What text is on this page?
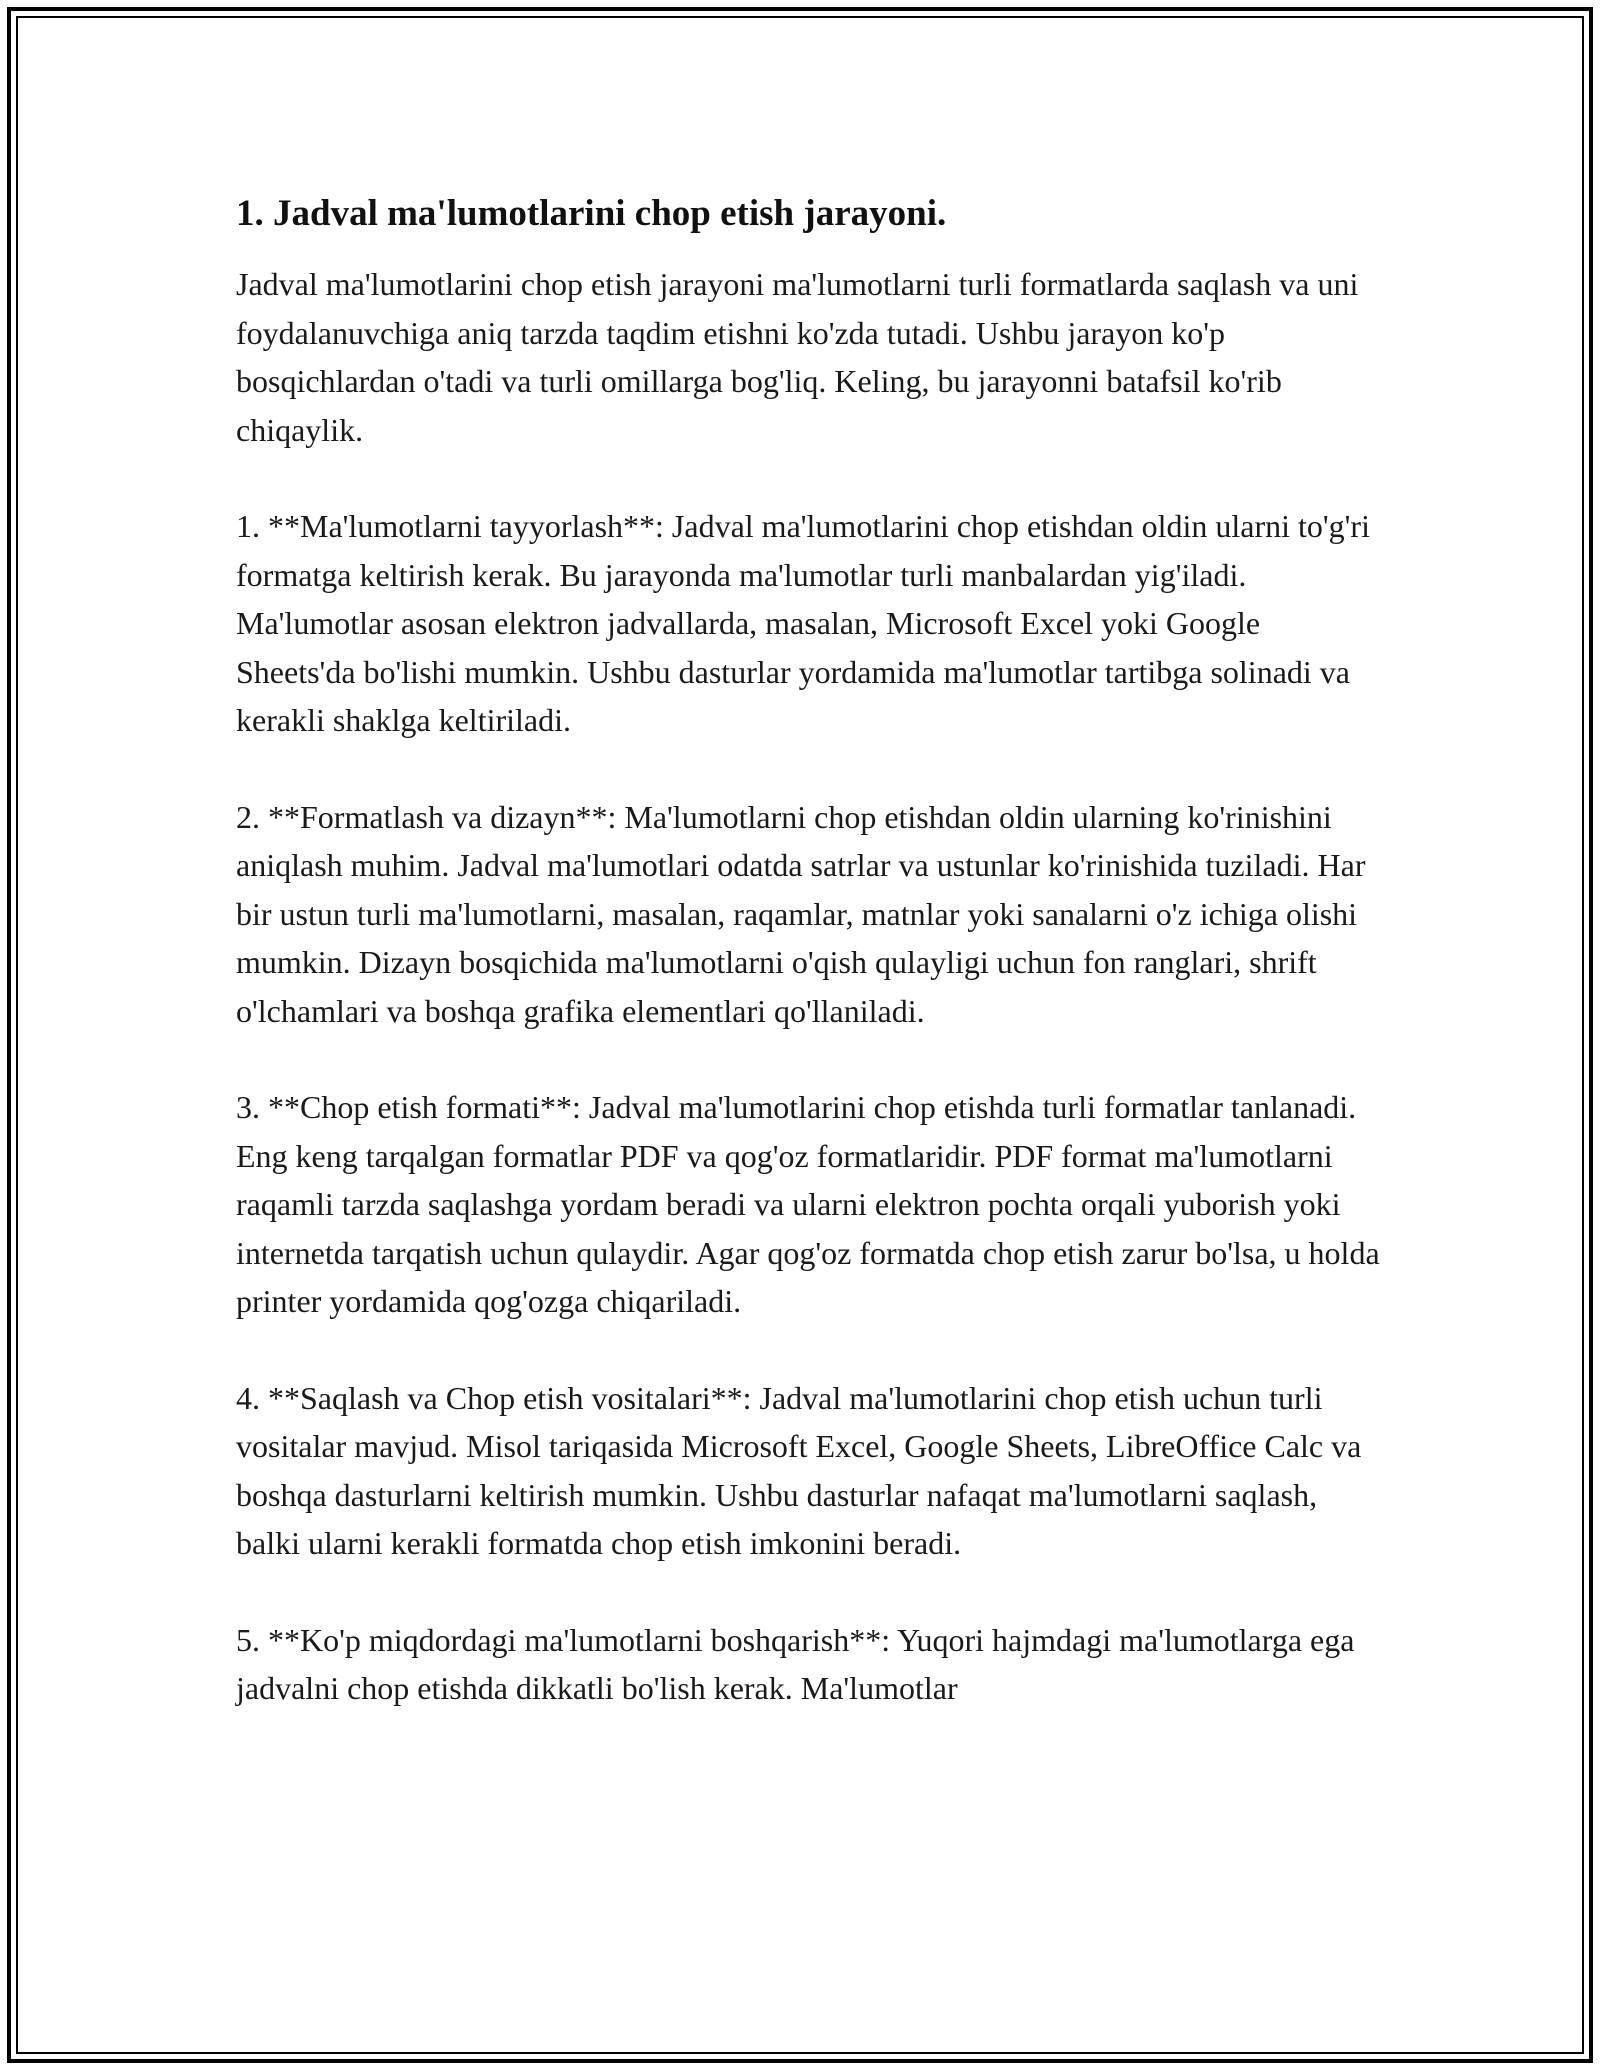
1. Jadval ma'lumotlarini chop etish jarayoni.

Jadval ma'lumotlarini chop etish jarayoni ma'lumotlarni turli formatlarda saqlash va uni foydalanuvchiga aniq tarzda taqdim etishni ko'zda tutadi. Ushbu jarayon ko'p bosqichlardan o'tadi va turli omillarga bog'liq. Keling, bu jarayonni batafsil ko'rib chiqaylik.

1. **Ma'lumotlarni tayyorlash**: Jadval ma'lumotlarini chop etishdan oldin ularni to'g'ri formatga keltirish kerak. Bu jarayonda ma'lumotlar turli manbalardan yig'iladi. Ma'lumotlar asosan elektron jadvallarda, masalan, Microsoft Excel yoki Google Sheets'da bo'lishi mumkin. Ushbu dasturlar yordamida ma'lumotlar tartibga solinadi va kerakli shaklga keltiriladi.

2. **Formatlash va dizayn**: Ma'lumotlarni chop etishdan oldin ularning ko'rinishini aniqlash muhim. Jadval ma'lumotlari odatda satrlar va ustunlar ko'rinishida tuziladi. Har bir ustun turli ma'lumotlarni, masalan, raqamlar, matnlar yoki sanalarni o'z ichiga olishi mumkin. Dizayn bosqichida ma'lumotlarni o'qish qulayligi uchun fon ranglari, shrift o'lchamlari va boshqa grafika elementlari qo'llaniladi.

3. **Chop etish formati**: Jadval ma'lumotlarini chop etishda turli formatlar tanlanadi. Eng keng tarqalgan formatlar PDF va qog'oz formatlaridir. PDF format ma'lumotlarni raqamli tarzda saqlashga yordam beradi va ularni elektron pochta orqali yuborish yoki internetda tarqatish uchun qulaydir. Agar qog'oz formatda chop etish zarur bo'lsa, u holda printer yordamida qog'ozga chiqariladi.

4. **Saqlash va Chop etish vositalari**: Jadval ma'lumotlarini chop etish uchun turli vositalar mavjud. Misol tariqasida Microsoft Excel, Google Sheets, LibreOffice Calc va boshqa dasturlarni keltirish mumkin. Ushbu dasturlar nafaqat ma'lumotlarni saqlash, balki ularni kerakli formatda chop etish imkonini beradi.

5. **Ko'p miqdordagi ma'lumotlarni boshqarish**: Yuqori hajmdagi ma'lumotlarga ega jadvalni chop etishda dikkatli bo'lish kerak. Ma'lumotlar
